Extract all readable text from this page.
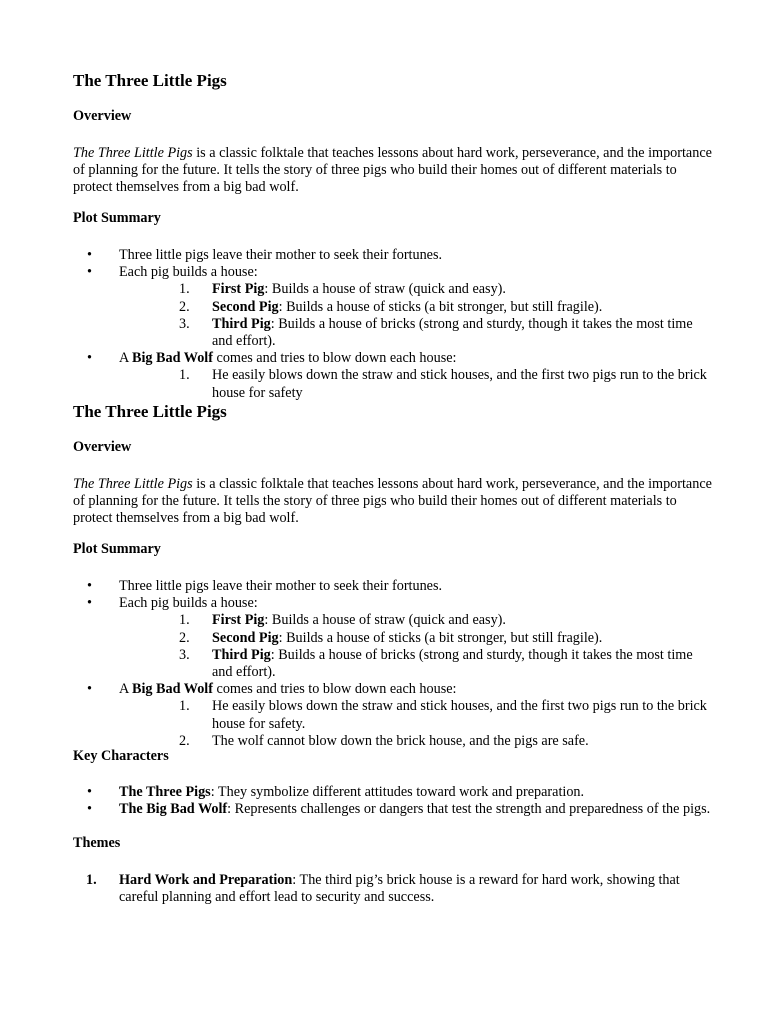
The Three Little Pigs
Overview

The Three Little Pigs is a classic folktale that teaches lessons about hard work, perseverance, and the importance of planning for the future. It tells the story of three pigs who build their homes out of different materials to protect themselves from a big bad wolf.

Plot Summary
• Three little pigs leave their mother to seek their fortunes.
• Each pig builds a house:
1. First Pig: Builds a house of straw (quick and easy).
2. Second Pig: Builds a house of sticks (a bit stronger, but still fragile).
3. Third Pig: Builds a house of bricks (strong and sturdy, though it takes the most time and effort).
• A Big Bad Wolf comes and tries to blow down each house:
1. He easily blows down the straw and stick houses, and the first two pigs run to the brick house for safety
The Three Little Pigs
Overview

The Three Little Pigs is a classic folktale that teaches lessons about hard work, perseverance, and the importance of planning for the future. It tells the story of three pigs who build their homes out of different materials to protect themselves from a big bad wolf.

Plot Summary
• Three little pigs leave their mother to seek their fortunes.
• Each pig builds a house:
1. First Pig: Builds a house of straw (quick and easy).
2. Second Pig: Builds a house of sticks (a bit stronger, but still fragile).
3. Third Pig: Builds a house of bricks (strong and sturdy, though it takes the most time and effort).
• A Big Bad Wolf comes and tries to blow down each house:
1. He easily blows down the straw and stick houses, and the first two pigs run to the brick house for safety.
2. The wolf cannot blow down the brick house, and the pigs are safe.
Key Characters
• The Three Pigs: They symbolize different attitudes toward work and preparation.
• The Big Bad Wolf: Represents challenges or dangers that test the strength and preparedness of the pigs.
Themes
1. Hard Work and Preparation: The third pig’s brick house is a reward for hard work, showing that careful planning and effort lead to security and success.
